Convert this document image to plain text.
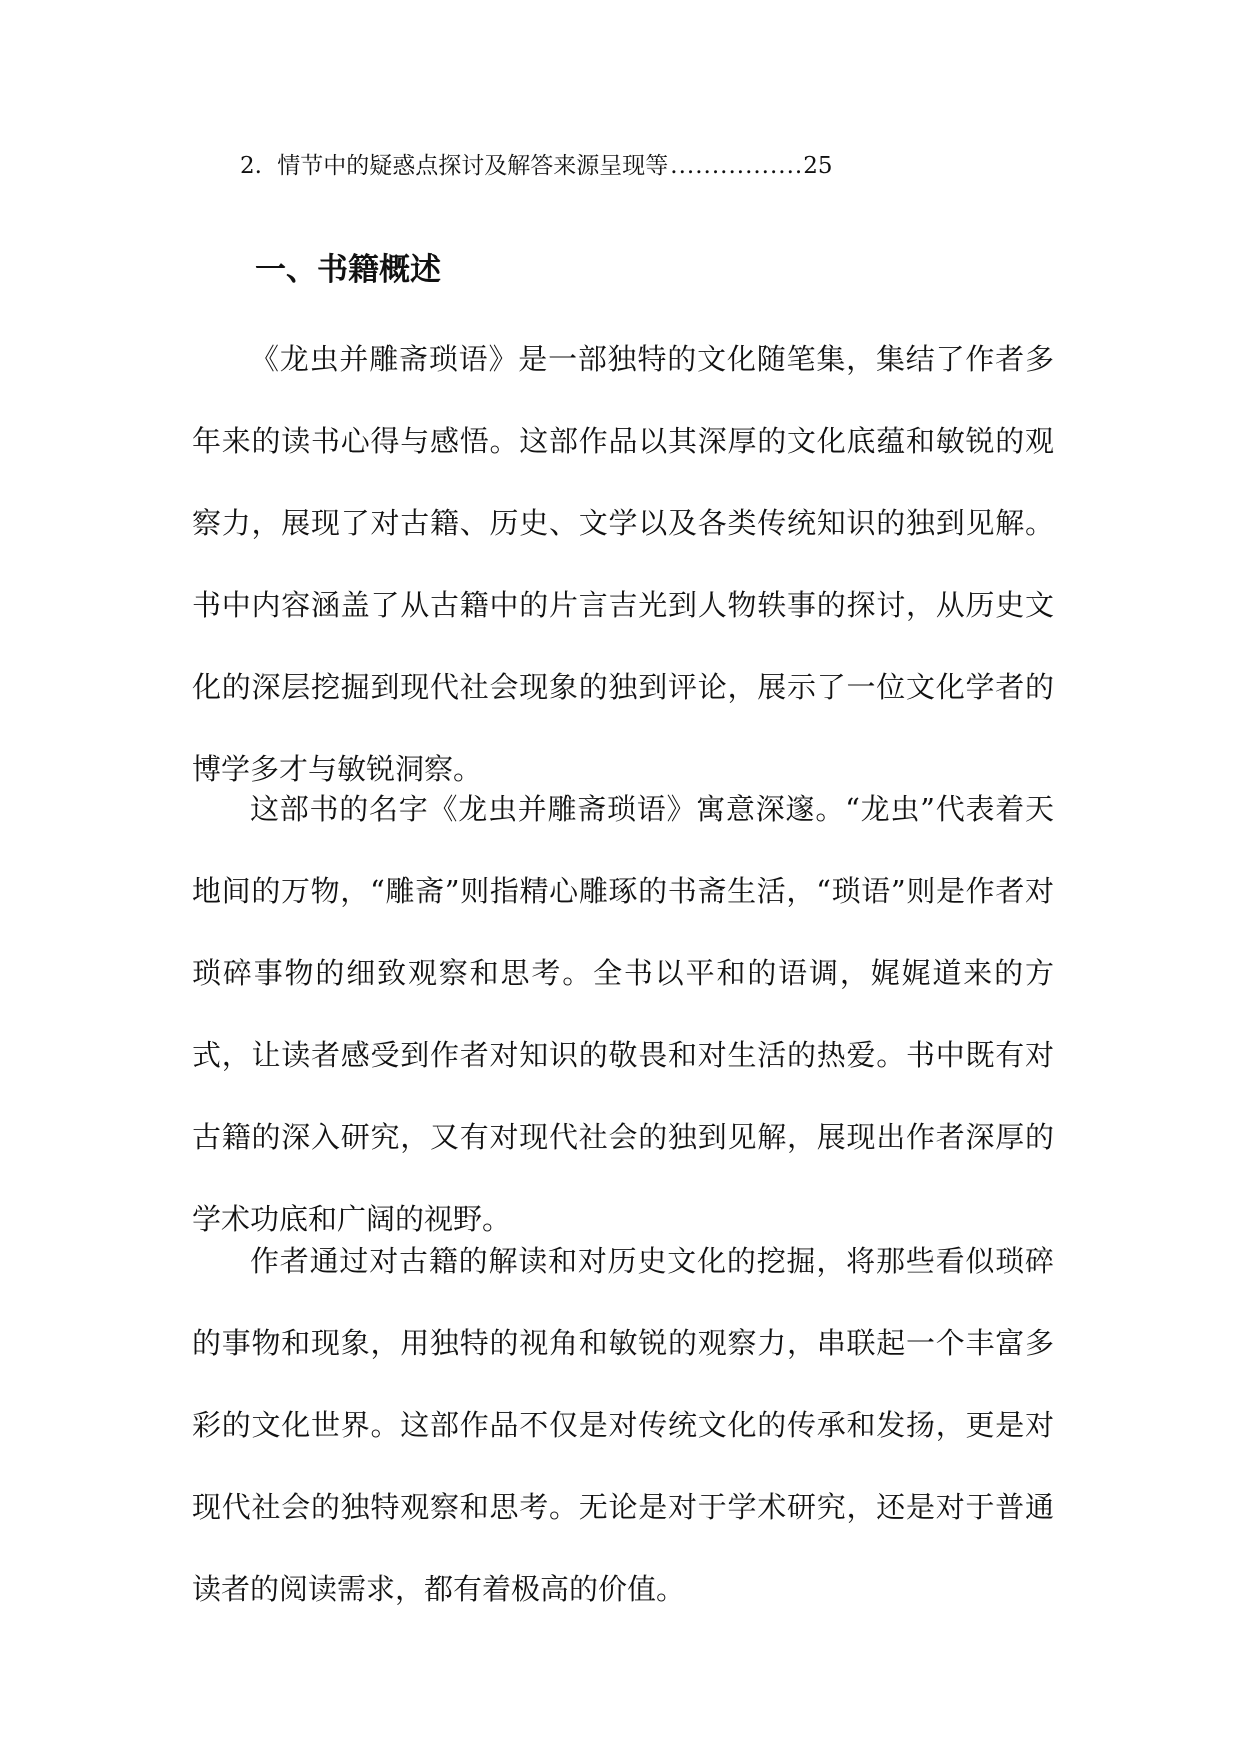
2. 情节中的疑惑点探讨及解答来源呈现等................25
一、书籍概述

《龙虫并雕斋琐语》是一部独特的文化随笔集，集结了作者多年来的读书心得与感悟。这部作品以其深厚的文化底蕴和敏锐的观察力，展现了对古籍、历史、文学以及各类传统知识的独到见解。书中内容涵盖了从古籍中的片言吉光到人物轶事的探讨，从历史文化的深层挖掘到现代社会现象的独到评论，展示了一位文化学者的博学多才与敏锐洞察。

这部书的名字《龙虫并雕斋琐语》寓意深邃。“龙虫”代表着天地间的万物，“雕斋”则指精心雕琢的书斋生活，“琐语”则是作者对琐碎事物的细致观察和思考。全书以平和的语调，娓娓道来的方式，让读者感受到作者对知识的敬畏和对生活的热爱。书中既有对古籍的深入研究，又有对现代社会的独到见解，展现出作者深厚的学术功底和广阔的视野。

作者通过对古籍的解读和对历史文化的挖掘，将那些看似琐碎的事物和现象，用独特的视角和敏锐的观察力，串联起一个丰富多彩的文化世界。这部作品不仅是对传统文化的传承和发扬，更是对现代社会的独特观察和思考。无论是对于学术研究，还是对于普通读者的阅读需求，都有着极高的价值。
